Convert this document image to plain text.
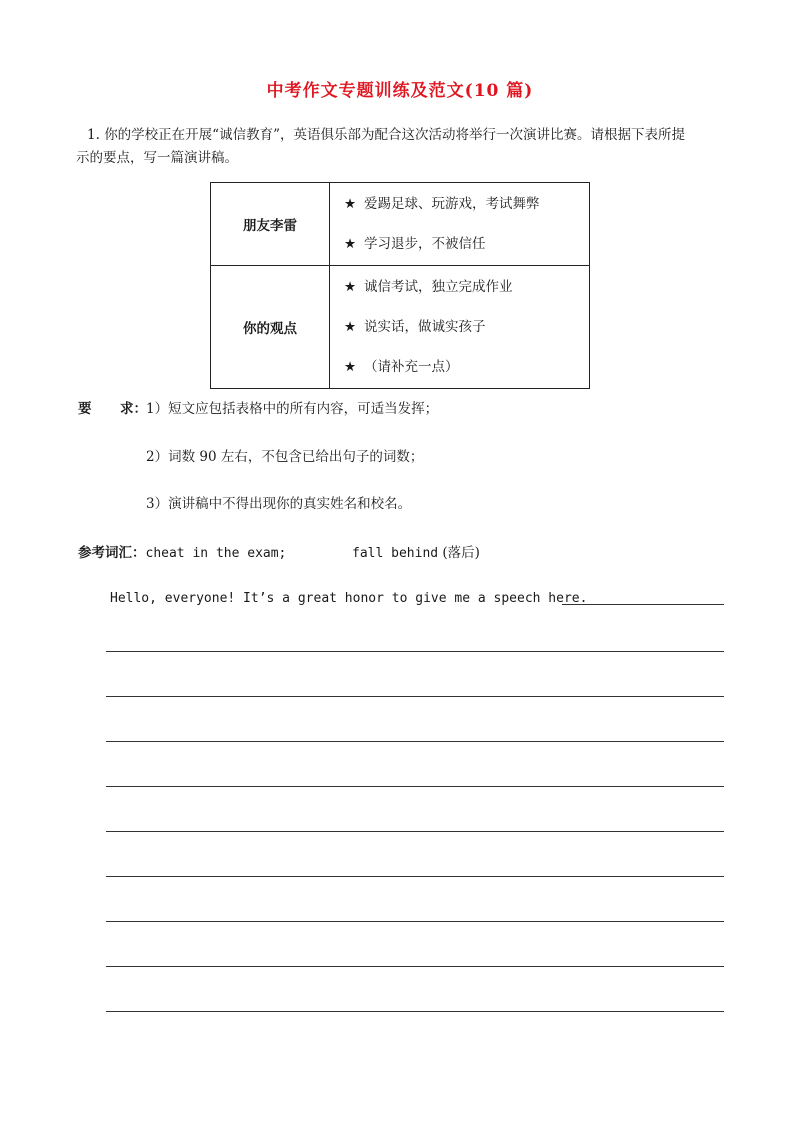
中考作文专题训练及范文(10 篇)
1. 你的学校正在开展“诚信教育”，英语俱乐部为配合这次活动将举行一次演讲比赛。请根据下表所提
示的要点，写一篇演讲稿。
朋友李雷	★ 爱踢足球、玩游戏，考试舞弊
★ 学习退步，不被信任

你的观点	★ 诚信考试，独立完成作业
★ 说实话，做诚实孩子
★ （请补充一点）
要 求： 1）短文应包括表格中的所有内容，可适当发挥；
2）词数 90 左右，不包含已给出句子的词数；
3）演讲稿中不得出现你的真实姓名和校名。
参考词汇：cheat in the exam;	fall behind (落后)
Hello, everyone! It’s a great honor to give me a speech here.
